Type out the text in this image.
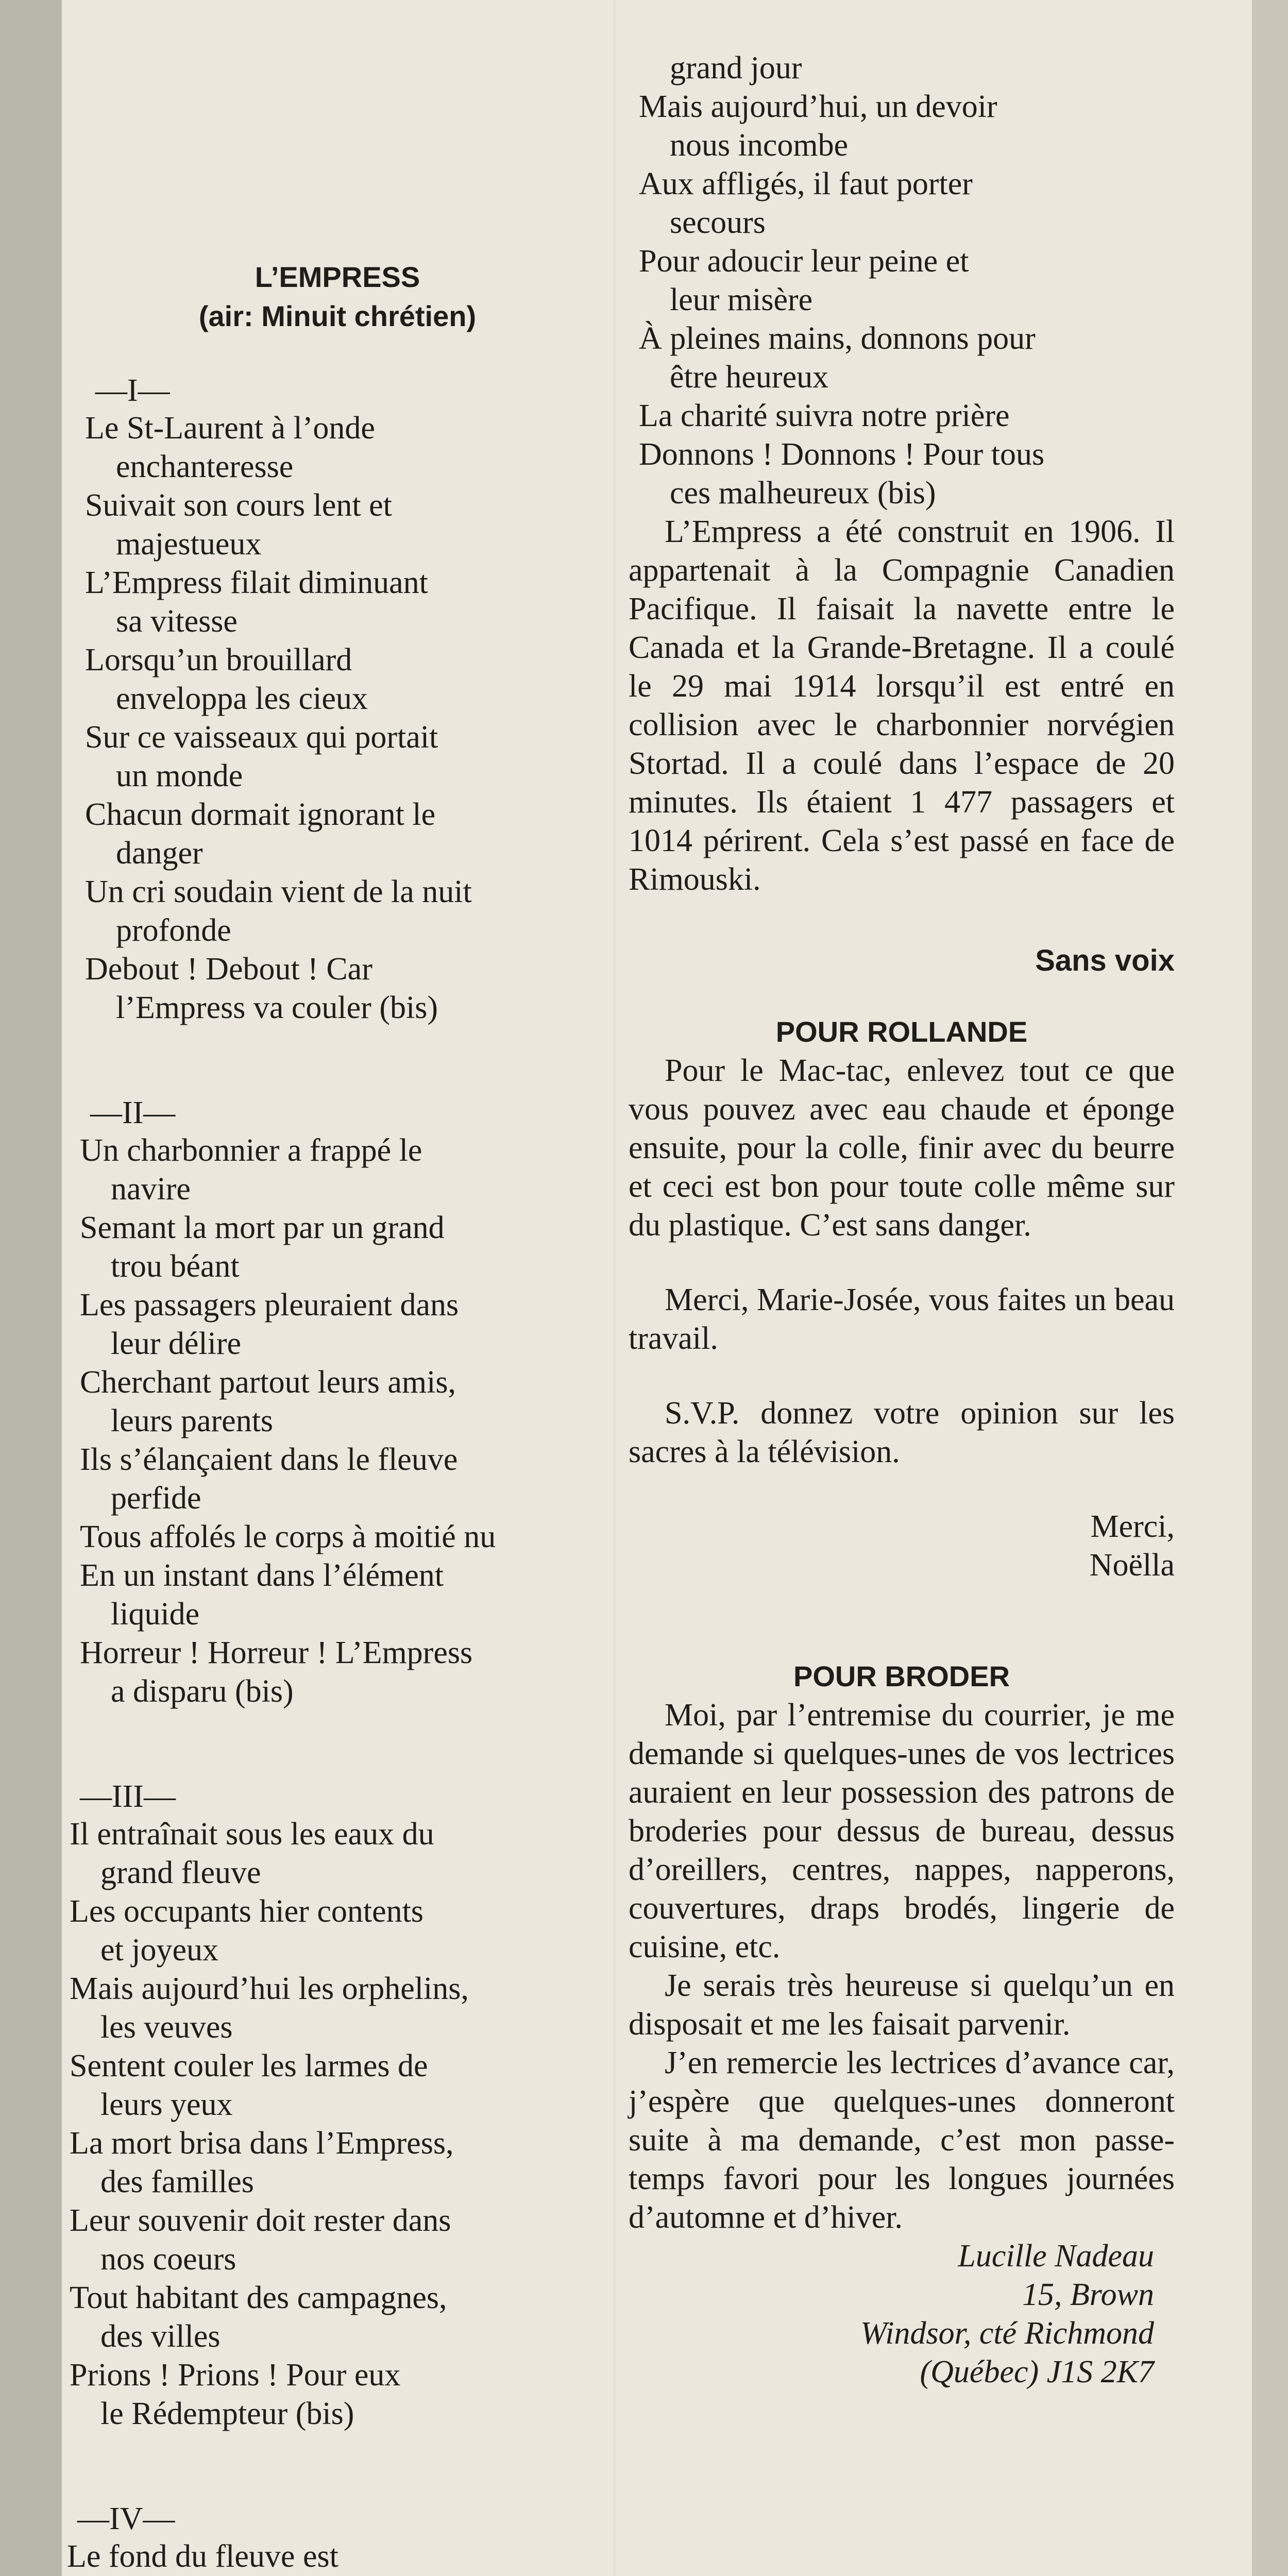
L’EMPRESS

(air: Minuit chrétien)

—I—

Le St-Laurent à l’onde
enchanteresse
Suivait son cours lent et
majestueux
L’Empress filait diminuant
sa vitesse
Lorsqu’un brouillard
enveloppa les cieux
Sur ce vaisseaux qui portait
un monde
Chacun dormait ignorant le
danger
Un cri soudain vient de la nuit
profonde
Debout ! Debout ! Car
l’Empress va couler (bis)

—II—

Un charbonnier a frappé le
navire
Semant la mort par un grand
trou béant
Les passagers pleuraient dans
leur délire
Cherchant partout leurs amis,
leurs parents
Ils s’élançaient dans le fleuve
perfide
Tous affolés le corps à moitié nu
En un instant dans l’élément
liquide
Horreur ! Horreur ! L’Empress
a disparu (bis)

—III—

Il entraînait sous les eaux du
grand fleuve
Les occupants hier contents
et joyeux
Mais aujourd’hui les orphelins,
les veuves
Sentent couler les larmes de
leurs yeux
La mort brisa dans l’Empress,
des familles
Leur souvenir doit rester dans
nos coeurs
Tout habitant des campagnes,
des villes
Prions ! Prions ! Pour eux
le Rédempteur (bis)

—IV—

Le fond du fleuve est
grand jour
Mais aujourd’hui, un devoir
nous incombe
Aux affligés, il faut porter
secours
Pour adoucir leur peine et
leur misère
À pleines mains, donnons pour
être heureux
La charité suivra notre prière
Donnons ! Donnons ! Pour tous
ces malheureux (bis)

L’Empress a été construit en 1906. Il appartenait à la Compagnie Canadien Pacifique. Il faisait la navette entre le Canada et la Grande-Bretagne. Il a coulé le 29 mai 1914 lorsqu’il est entré en collision avec le charbonnier norvégien Stortad. Il a coulé dans l’espace de 20 minutes. Ils étaient 1 477 passagers et 1014 périrent. Cela s’est passé en face de Rimouski.

Sans voix

POUR ROLLANDE

Pour le Mac-tac, enlevez tout ce que vous pouvez avec eau chaude et éponge ensuite, pour la colle, finir avec du beurre et ceci est bon pour toute colle même sur du plastique. C’est sans danger.

Merci, Marie-Josée, vous faites un beau travail.

S.V.P. donnez votre opinion sur les sacres à la télévision.

Merci,

Noëlla

POUR BRODER

Moi, par l’entremise du courrier, je me demande si quelques-unes de vos lectrices auraient en leur possession des patrons de broderies pour dessus de bureau, dessus d’oreillers, centres, nappes, napperons, couvertures, draps brodés, lingerie de cuisine, etc.

Je serais très heureuse si quelqu’un en disposait et me les faisait parvenir.

J’en remercie les lectrices d’avance car, j’espère que quelques-unes donneront suite à ma demande, c’est mon passe-temps favori pour les longues journées d’automne et d’hiver.

Lucille Nadeau

15, Brown

Windsor, cté Richmond

(Québec) J1S 2K7
